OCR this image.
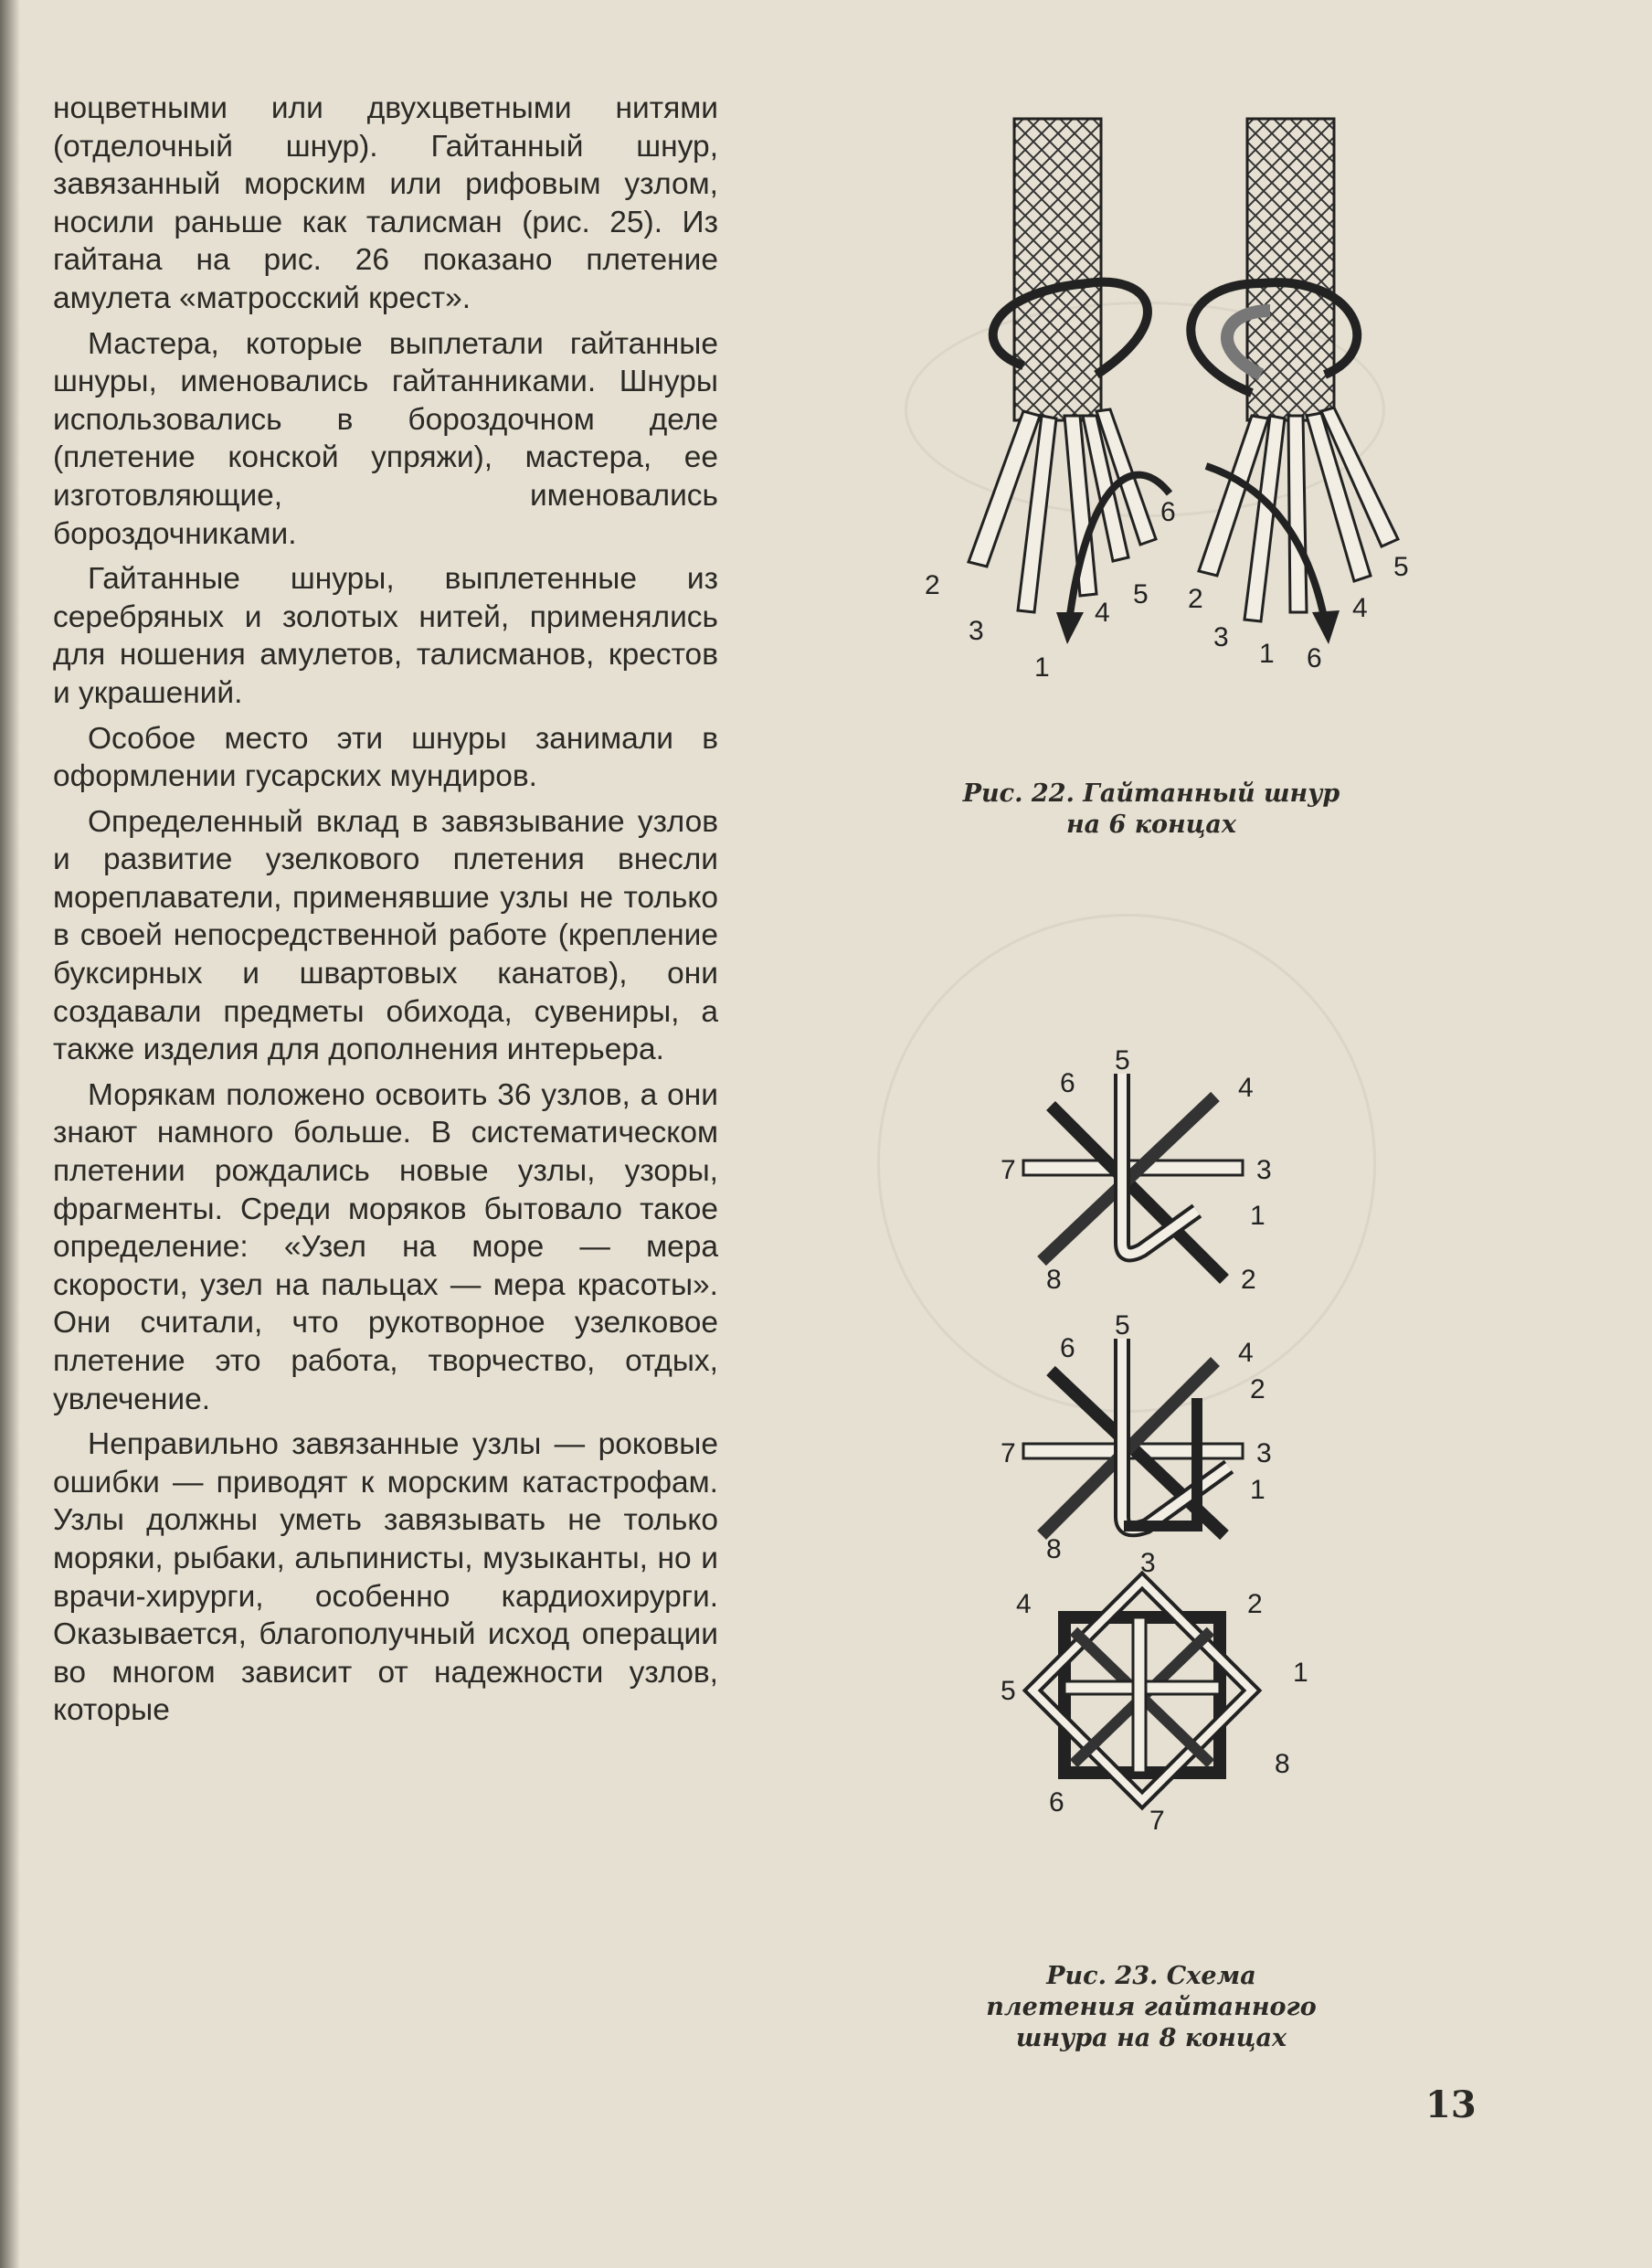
ноцветными или двухцветными нитями (отделочный шнур). Гайтанный шнур, завязанный морским или рифовым узлом, носили раньше как талисман (рис. 25). Из гайтана на рис. 26 показано плетение амулета «матросский крест».

Мастера, которые выплетали гайтанные шнуры, именовались гайтанниками. Шнуры использовались в бороздочном деле (плетение конской упряжи), мастера, ее изготовляющие, именовались бороздочниками.

Гайтанные шнуры, выплетенные из серебряных и золотых нитей, применялись для ношения амулетов, талисманов, крестов и украшений.

Особое место эти шнуры занимали в оформлении гусарских мундиров.

Определенный вклад в завязывание узлов и развитие узелкового плетения внесли мореплаватели, применявшие узлы не только в своей непосредственной работе (крепление буксирных и швартовых канатов), они создавали предметы обихода, сувениры, а также изделия для дополнения интерьера.

Морякам положено освоить 36 узлов, а они знают намного больше. В систематическом плетении рождались новые узлы, узоры, фрагменты. Среди моряков бытовало такое определение: «Узел на море — мера скорости, узел на пальцах — мера красоты». Они считали, что рукотворное узелковое плетение это работа, творчество, отдых, увлечение.

Неправильно завязанные узлы — роковые ошибки — приводят к морским катастрофам. Узлы должны уметь завязывать не только моряки, рыбаки, альпинисты, музыканты, но и врачи-хирурги, особенно кардиохирурги. Оказывается, благополучный исход операции во многом зависит от надежности узлов, которые

1
2
3
4
5
6
2
3
1 6
4
5
Рис. 22. Гайтанный шнур
на 6 концах
6
5
4
7	3
1
8	2
6
5
4
2
7	3
1
8	3
4	2
5
1
8
6
7
Рис. 23. Схема
плетения гайтанного
шнура на 8 концах
13
